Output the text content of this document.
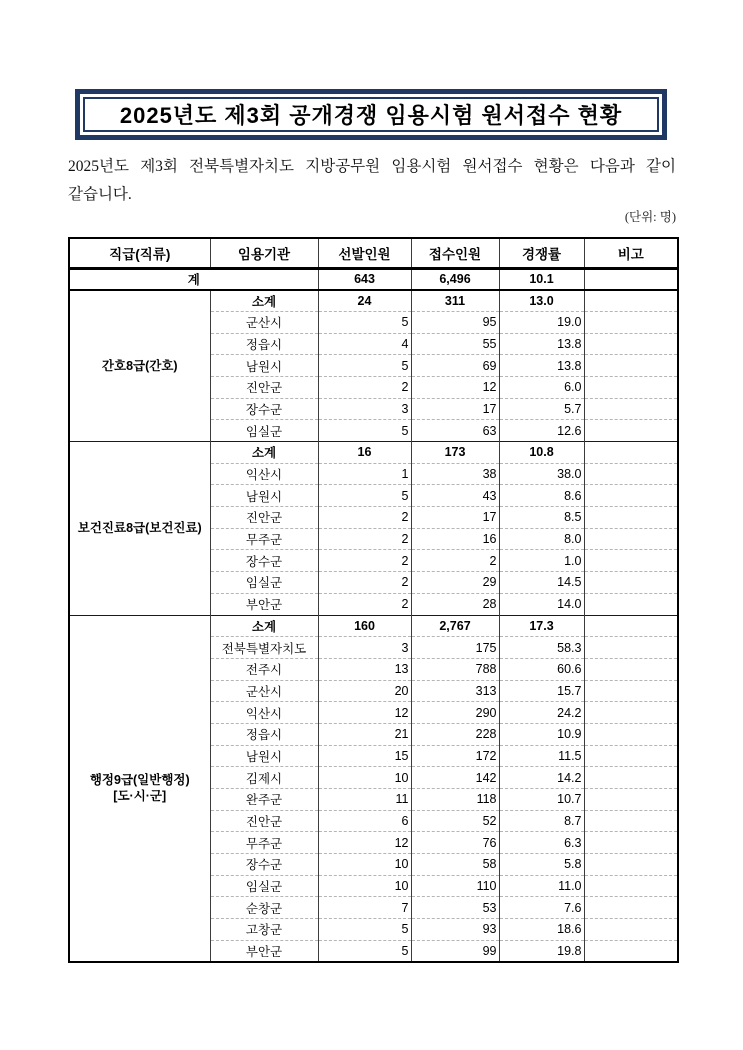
2025년도 제3회 공개경쟁 임용시험 원서접수 현황
2025년도 제3회 전북특별자치도 지방공무원 임용시험 원서접수 현황은 다음과 같이
같습니다.
(단위: 명)
직급(직류)	임용기관	선발인원	접수인원	경쟁률	비고
계		643	6,496	10.1	

간호8급(간호)	소계	24	311	13.0	
	군산시	5	95	19.0	
	정읍시	4	55	13.8	
	남원시	5	69	13.8	
	진안군	2	12	6.0	
	장수군	3	17	5.7	
	임실군	5	63	12.6	

보건진료8급(보건진료)	소계	16	173	10.8	
	익산시	1	38	38.0	
	남원시	5	43	8.6	
	진안군	2	17	8.5	
	무주군	2	16	8.0	
	장수군	2	2	1.0	
	임실군	2	29	14.5	
	부안군	2	28	14.0	

행정9급(일반행정)
[도·시·군]	소계	160	2,767	17.3	
	전북특별자치도	3	175	58.3	
	전주시	13	788	60.6	
	군산시	20	313	15.7	
	익산시	12	290	24.2	
	정읍시	21	228	10.9	
	남원시	15	172	11.5	
	김제시	10	142	14.2	
	완주군	11	118	10.7	
	진안군	6	52	8.7	
	무주군	12	76	6.3	
	장수군	10	58	5.8	
	임실군	10	110	11.0	
	순창군	7	53	7.6	
	고창군	5	93	18.6	
	부안군	5	99	19.8	
